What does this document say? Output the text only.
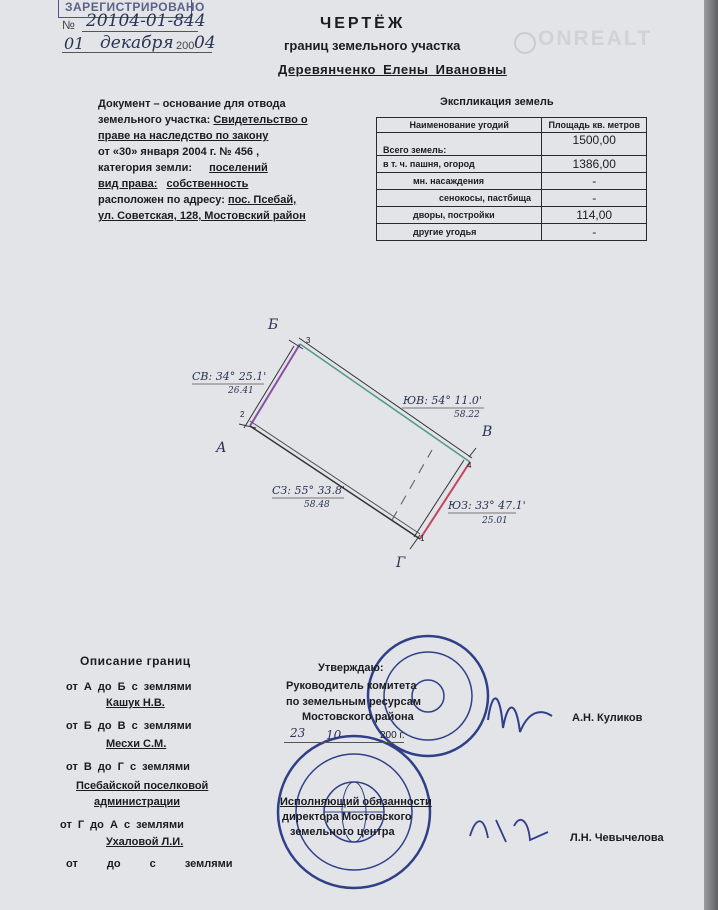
ЗАРЕГИСТРИРОВАНО
№ 20104-01-844
01 декабря 200 04	ONREALT
ЧЕРТЁЖ
границ земельного участка
Деревянченко Елены Ивановны
Документ – основание для отвода
земельного участка: Свидетельство о
праве на наследство по закону
от «30» января 2004 г. № 456 ,
категория земли: поселений
вид права: собственность
расположен по адресу: пос. Псебай,
ул. Советская, 128, Мостовский район
Экспликация земель
Наименование угодий	Площадь кв. метров
Всего земель:	1500,00
в т. ч. пашня, огород	1386,00
мн. насаждения	-
сенокосы, пастбища	-
дворы, постройки	114,00
другие угодья	-
Б
А
В
Г
3
2
4
1
СВ: 34° 25.1'
26.41
ЮВ: 54° 11.0'
58.22
СЗ: 55° 33.8'
58.48	ЮЗ: 33° 47.1'
25.01
Описание границ
от А до Б с землями
Кашук Н.В.
от Б до В с землями
Месхи С.М.
от В до Г с землями
Псебайской поселковой
администрации
от Г до А с землями
Ухаловой Л.И.
от до с землями
Утверждаю:
Руководитель комитета
по земельным ресурсам
Мостовского района
23 10	200 г.
А.Н. Куликов
Исполняющий обязанности
директора Мостовского
земельного центра	Л.Н. Чевычелова
